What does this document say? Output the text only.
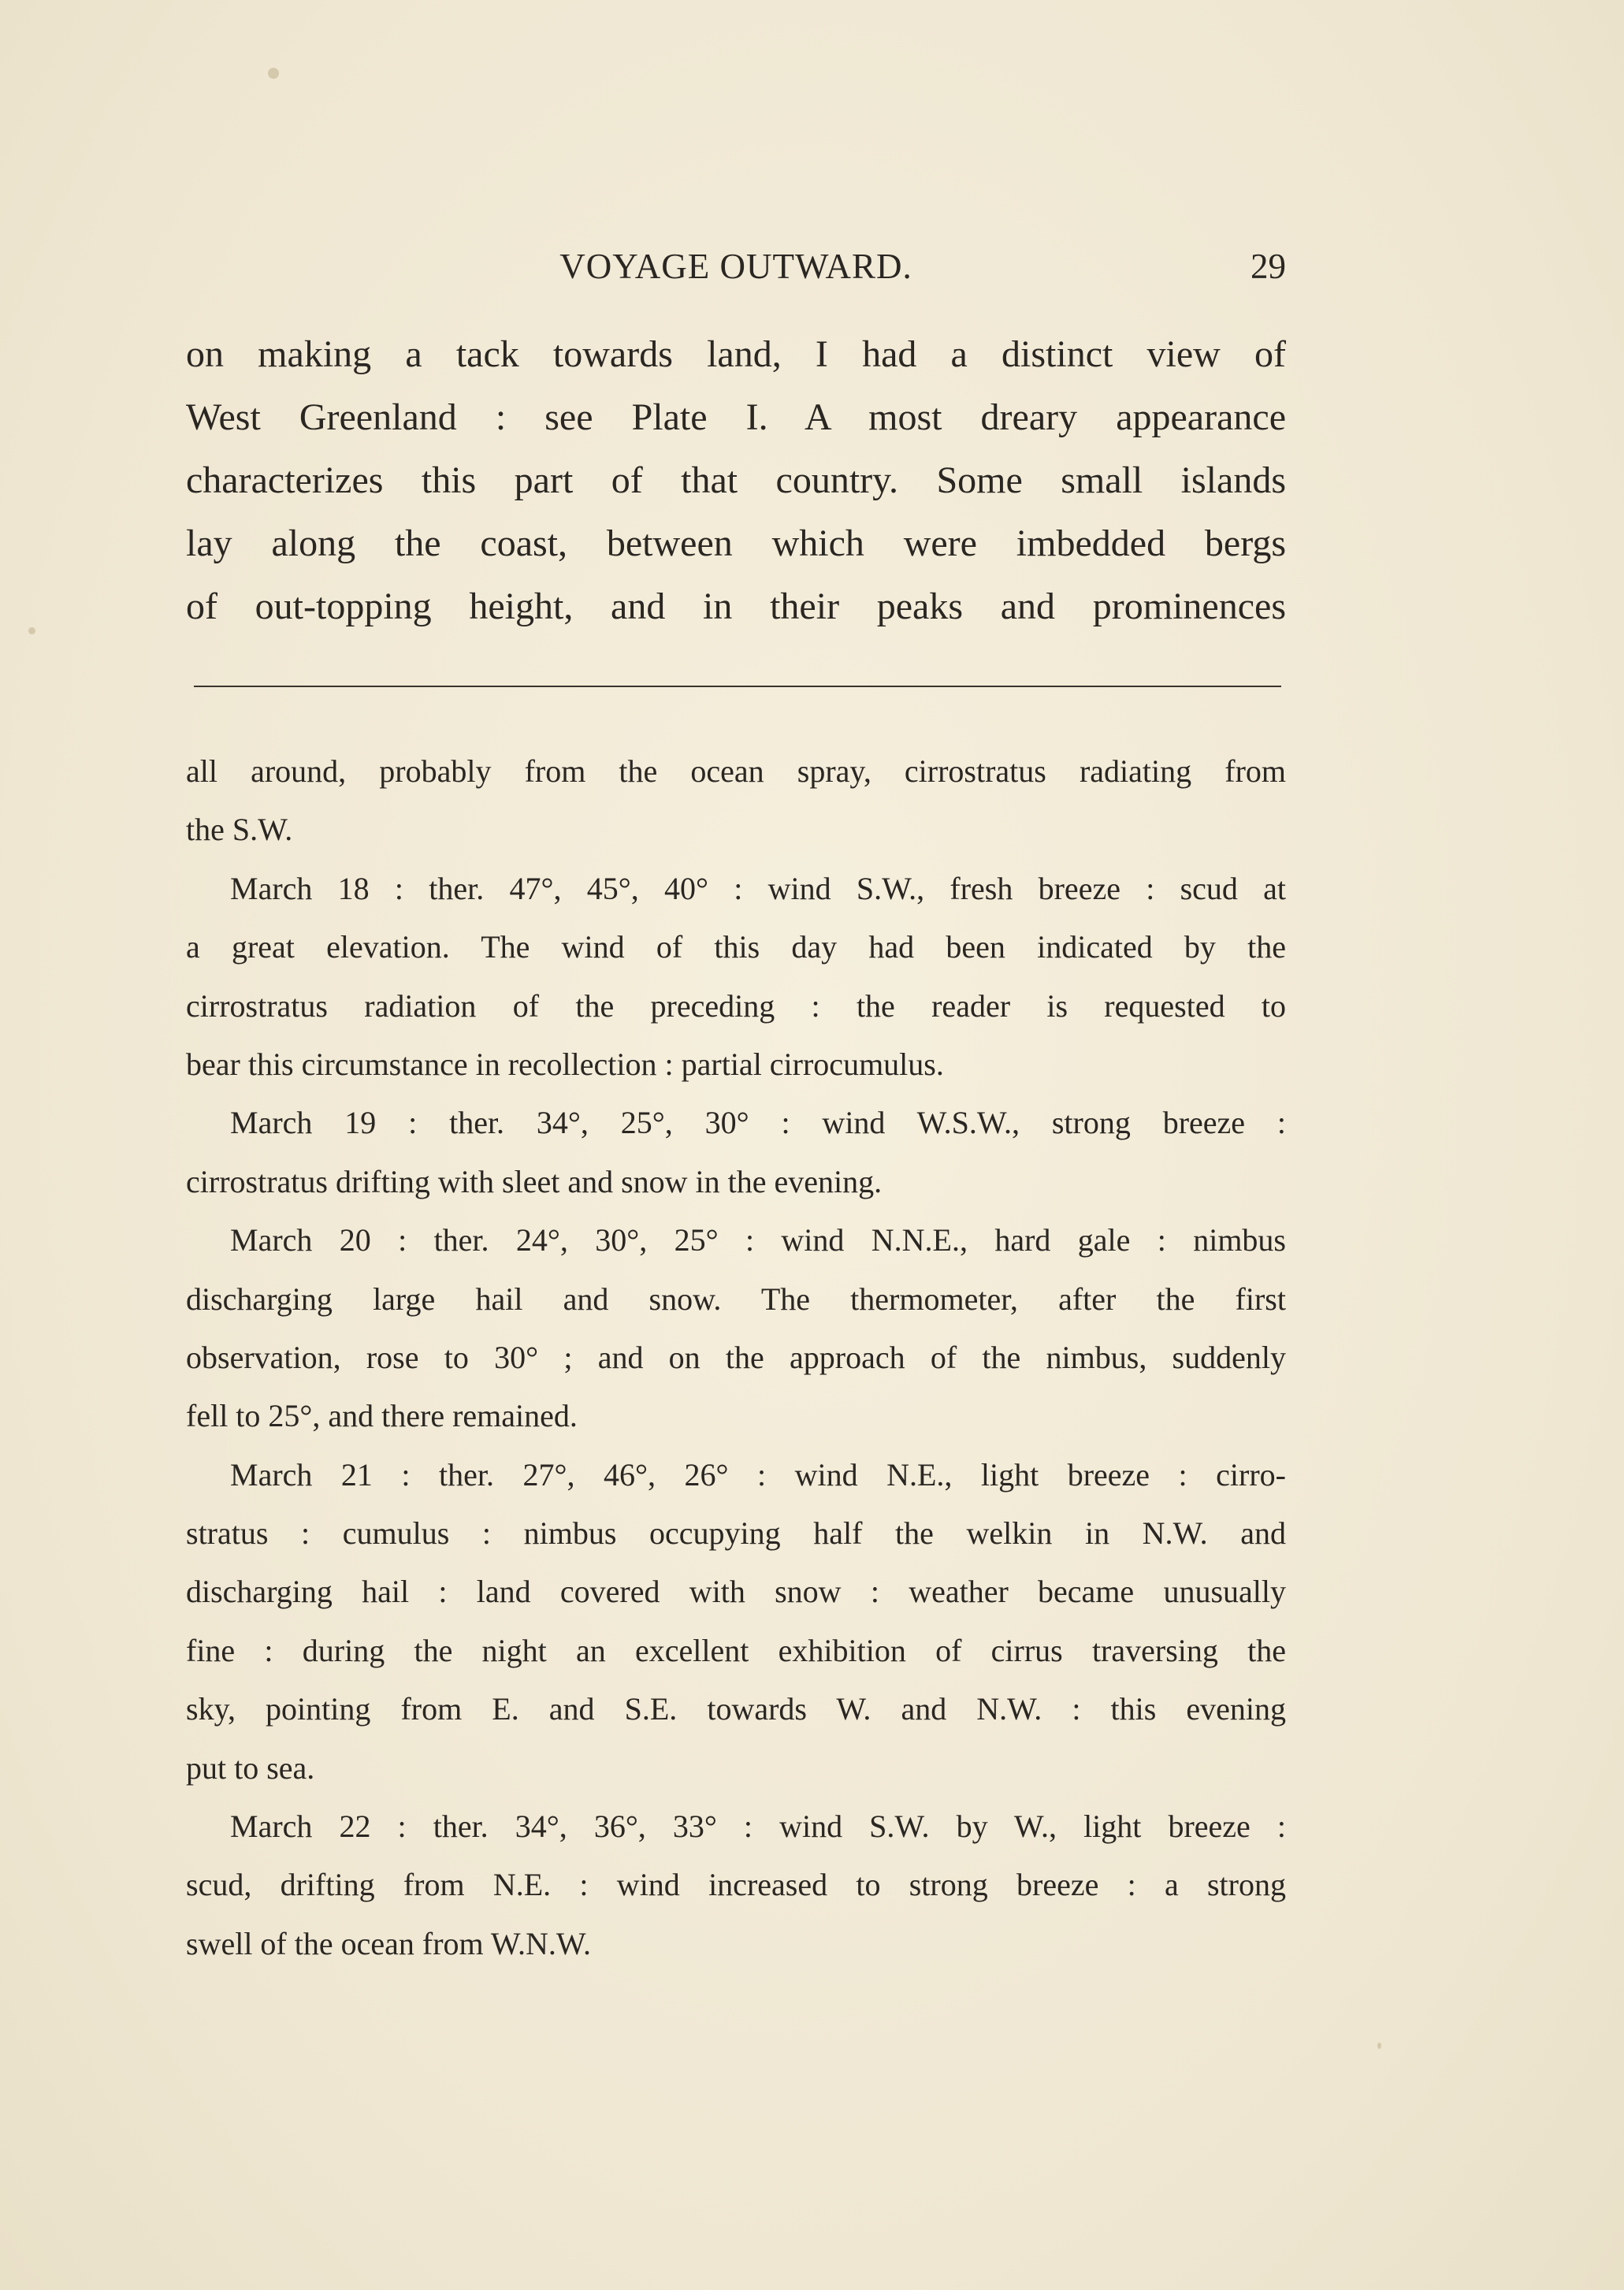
VOYAGE OUTWARD.	29

on making a tack towards land, I had a distinct view of
West Greenland : see Plate I. A most dreary appearance
characterizes this part of that country. Some small islands
lay along the coast, between which were imbedded bergs
of out-topping height, and in their peaks and prominences

all around, probably from the ocean spray, cirrostratus radiating from
the S.W.
March 18 : ther. 47°, 45°, 40° : wind S.W., fresh breeze : scud at
a great elevation. The wind of this day had been indicated by the
cirrostratus radiation of the preceding : the reader is requested to
bear this circumstance in recollection : partial cirrocumulus.
March 19 : ther. 34°, 25°, 30° : wind W.S.W., strong breeze :
cirrostratus drifting with sleet and snow in the evening.
March 20 : ther. 24°, 30°, 25° : wind N.N.E., hard gale : nimbus
discharging large hail and snow. The thermometer, after the first
observation, rose to 30° ; and on the approach of the nimbus, suddenly
fell to 25°, and there remained.
March 21 : ther. 27°, 46°, 26° : wind N.E., light breeze : cirro-
stratus : cumulus : nimbus occupying half the welkin in N.W. and
discharging hail : land covered with snow : weather became unusually
fine : during the night an excellent exhibition of cirrus traversing the
sky, pointing from E. and S.E. towards W. and N.W. : this evening
put to sea.
March 22 : ther. 34°, 36°, 33° : wind S.W. by W., light breeze :
scud, drifting from N.E. : wind increased to strong breeze : a strong
swell of the ocean from W.N.W.
